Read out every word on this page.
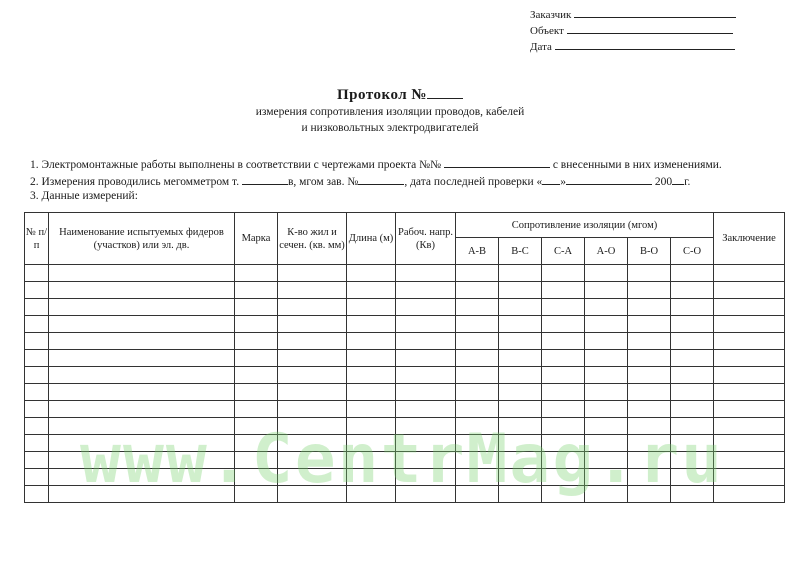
Заказчик
Объект
Дата
Протокол №
измерения сопротивления изоляции проводов, кабелей
и низковольтных электродвигателей
1. Электромонтажные работы выполнены в соответствии с чертежами проекта №№	с внесенными в них изменениями.
2. Измерения проводились мегомметром т.	в, мгом зав. №	, дата последней проверки « »	200 г.
3. Данные измерений:
№ п/п	Наименование испытуемых фидеров (участков) или эл. дв.	Марка	К-во жил и сечен. (кв. мм)	Длина (м)	Рабоч. напр. (Кв)	Сопротивление изоляции (мгом)						Заключение
						А-В	В-С	С-А	А-О	В-О	С-О	

www.CentrMag.ru
